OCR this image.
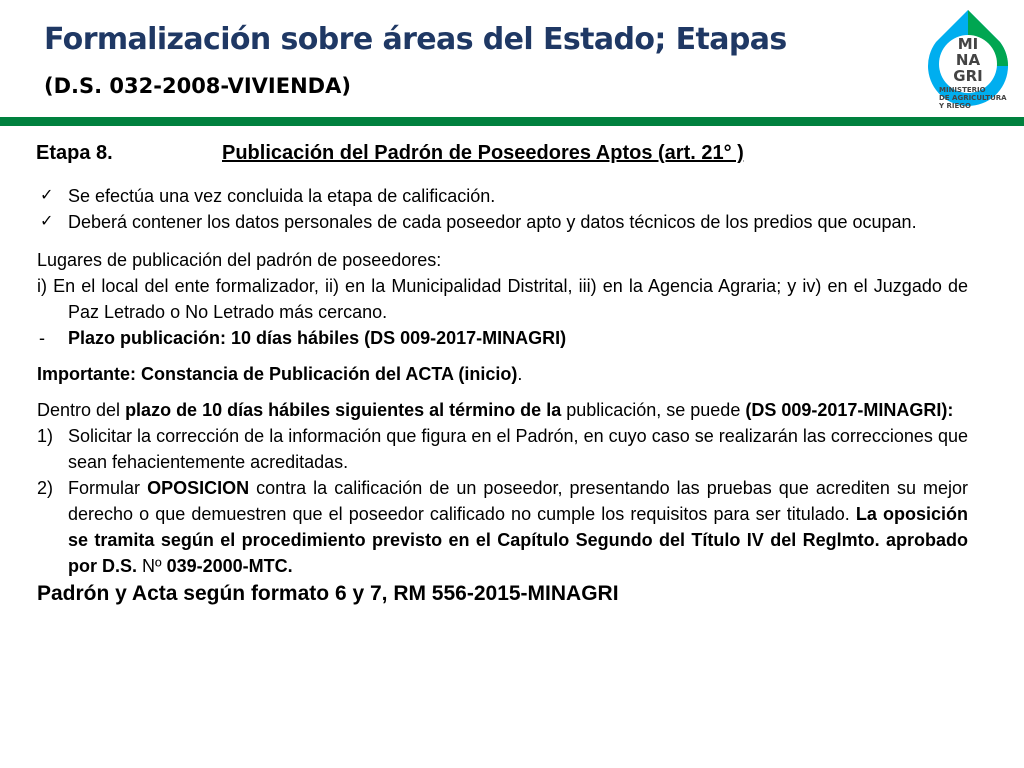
Formalización sobre áreas del Estado; Etapas
(D.S. 032-2008-VIVIENDA)
MI
NA
GRI
MINISTERIO
DE AGRICULTURA
Y RIEGO
Etapa 8.	Publicación del Padrón de Poseedores Aptos (art. 21° )
✓ Se efectúa una vez concluida la etapa de calificación.
✓ Deberá contener los datos personales de cada poseedor apto y datos técnicos de los predios que ocupan.
Lugares de publicación del padrón de poseedores:
i) En el local del ente formalizador, ii) en la Municipalidad Distrital, iii) en la Agencia Agraria; y iv) en el Juzgado de Paz Letrado o No Letrado más cercano.
- Plazo publicación: 10 días hábiles (DS 009-2017-MINAGRI)
Importante: Constancia de Publicación del ACTA (inicio).
Dentro del plazo de 10 días hábiles siguientes al término de la publicación, se puede (DS 009-2017-MINAGRI):
1) Solicitar la corrección de la información que figura en el Padrón, en cuyo caso se realizarán las correcciones que sean fehacientemente acreditadas.
2) Formular OPOSICION contra la calificación de un poseedor, presentando las pruebas que acrediten su mejor derecho o que demuestren que el poseedor calificado no cumple los requisitos para ser titulado. La oposición se tramita según el procedimiento previsto en el Capítulo Segundo del Título IV del Reglmto. aprobado por D.S. Nº 039-2000-MTC.
Padrón y Acta según formato 6 y 7, RM 556-2015-MINAGRI
